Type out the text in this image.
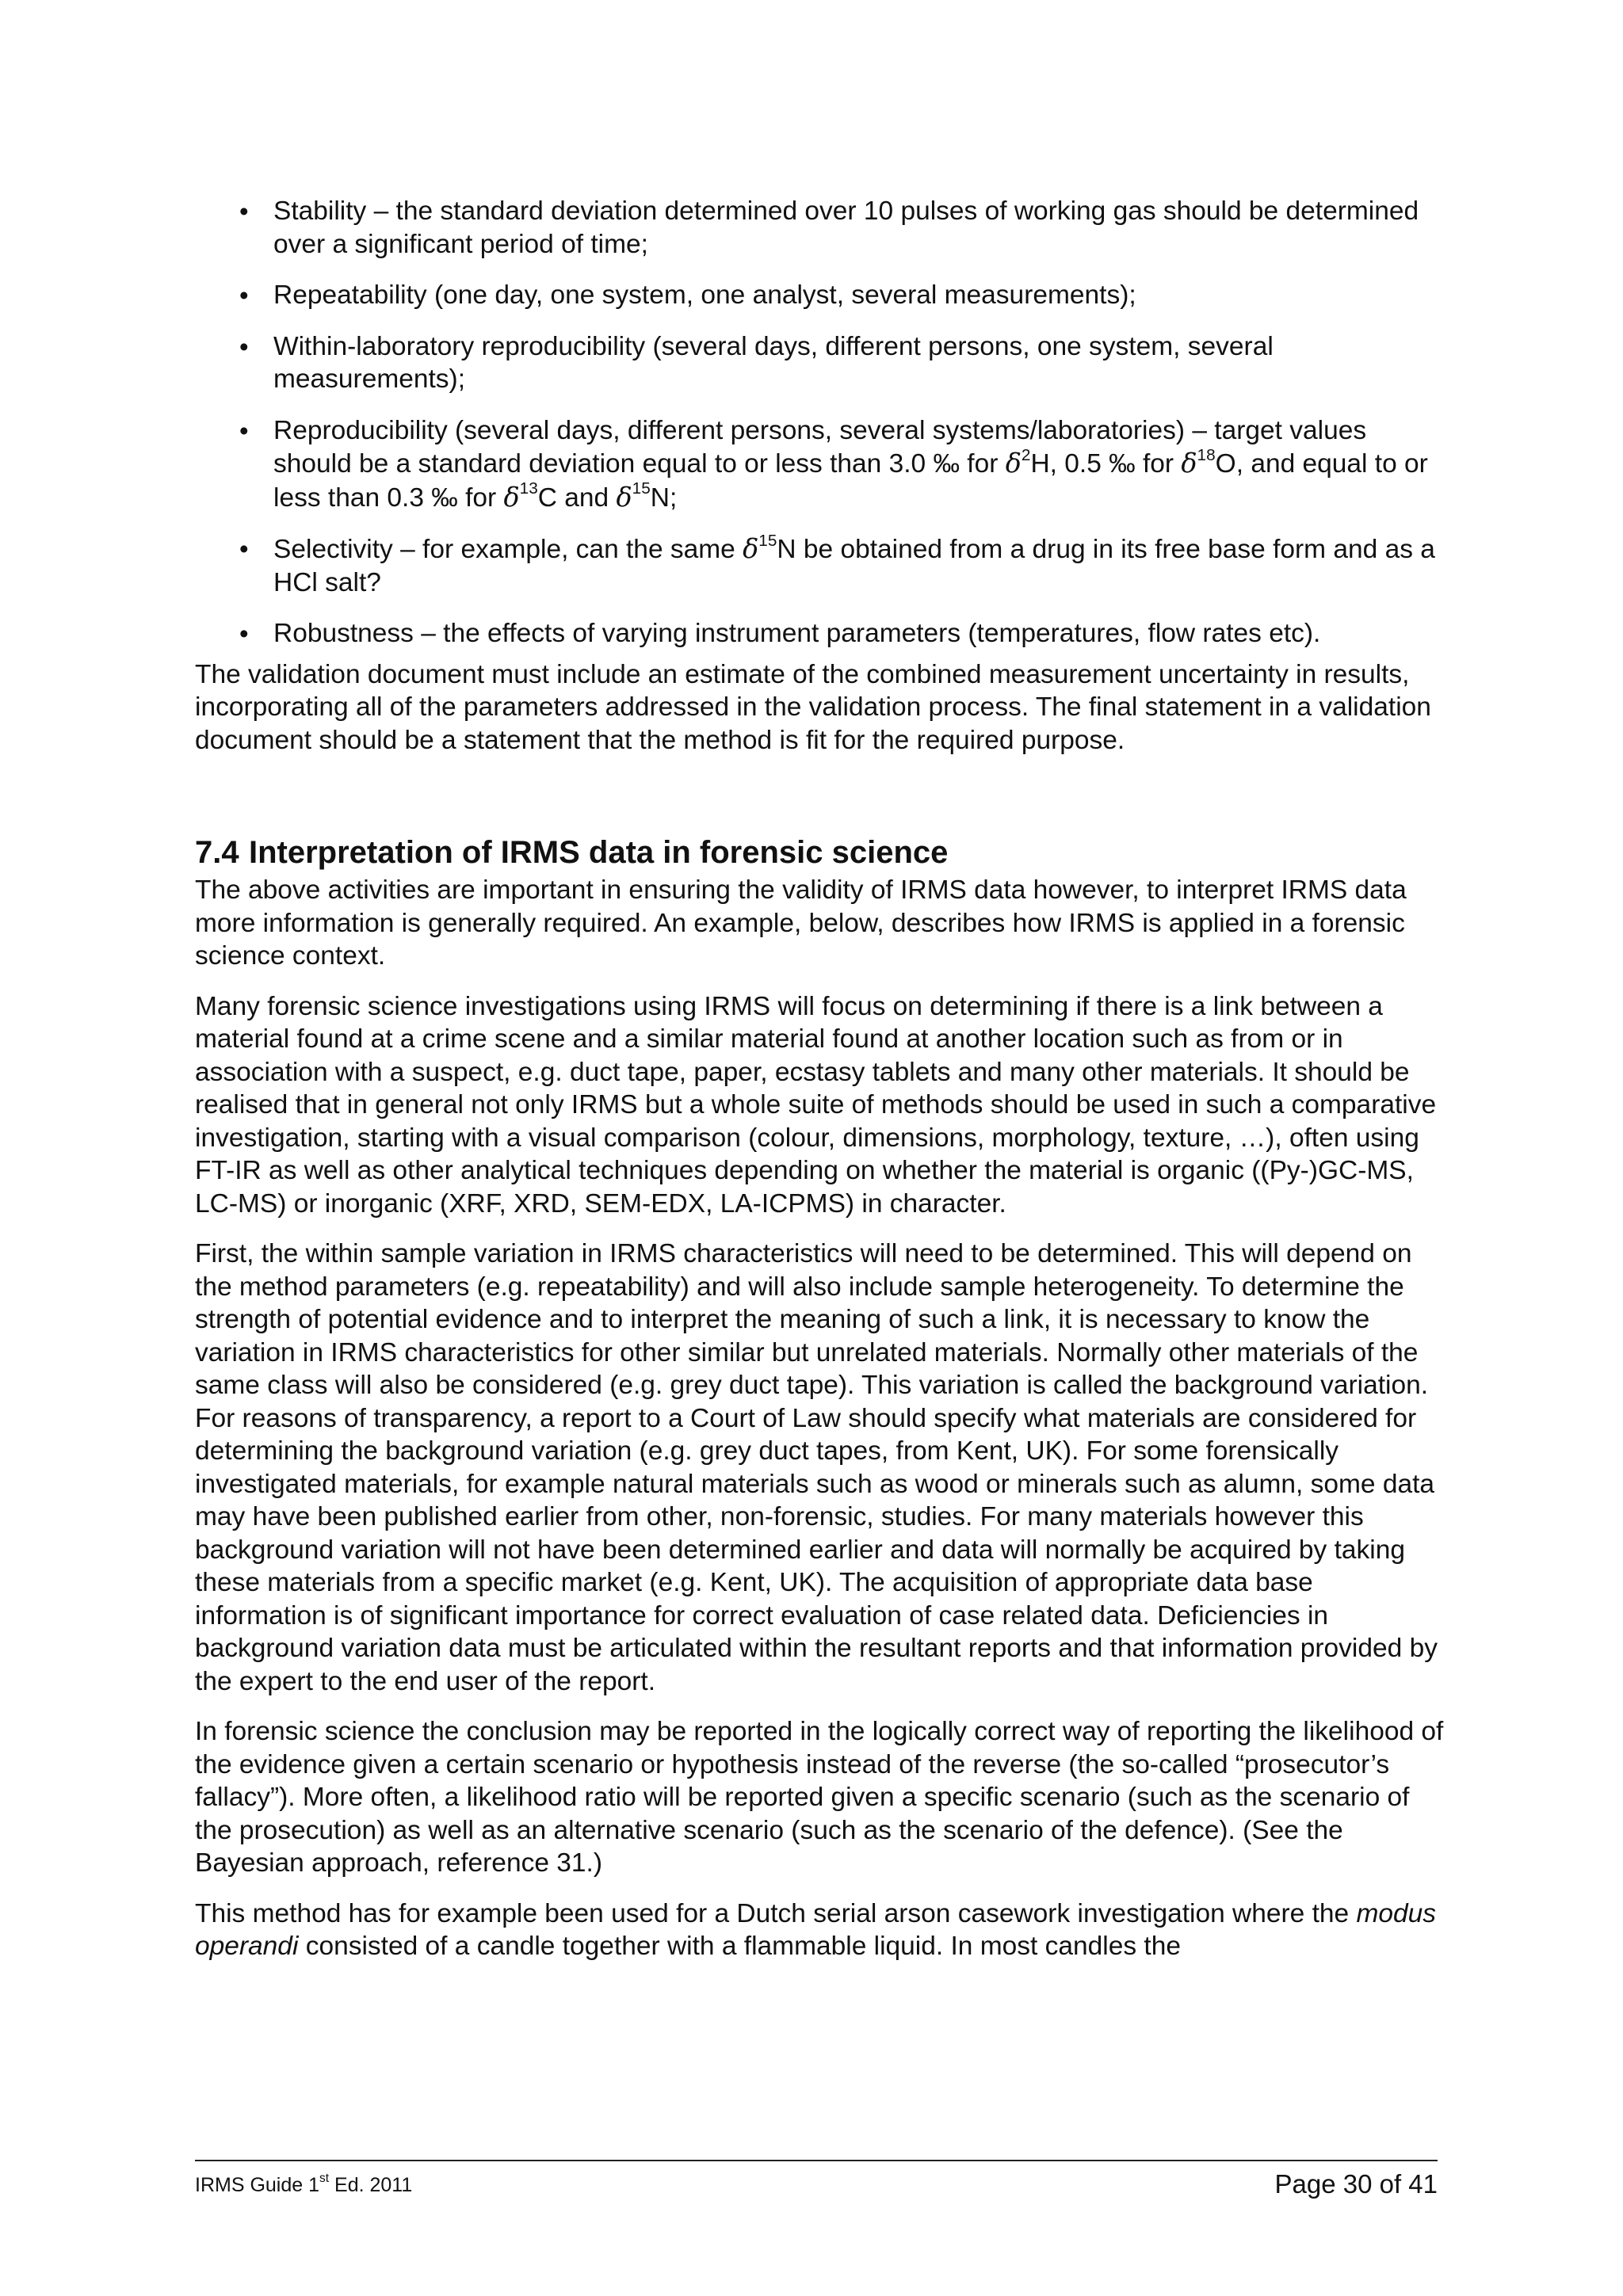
• Stability – the standard deviation determined over 10 pulses of working gas should be determined over a significant period of time;
• Repeatability (one day, one system, one analyst, several measurements);
• Within-laboratory reproducibility (several days, different persons, one system, several measurements);
• Reproducibility (several days, different persons, several systems/laboratories) – target values should be a standard deviation equal to or less than 3.0 ‰ for $\delta^2H$, 0.5 ‰ for $\delta^{18}O$, and equal to or less than 0.3 ‰ for $\delta^{13}C$ and $\delta^{15}N$;
• Selectivity – for example, can the same $\delta^{15}N$ be obtained from a drug in its free base form and as a HCl salt?
• Robustness – the effects of varying instrument parameters (temperatures, flow rates etc).

The validation document must include an estimate of the combined measurement uncertainty in results, incorporating all of the parameters addressed in the validation process. The final statement in a validation document should be a statement that the method is fit for the required purpose.

7.4 Interpretation of IRMS data in forensic science

The above activities are important in ensuring the validity of IRMS data however, to interpret IRMS data more information is generally required. An example, below, describes how IRMS is applied in a forensic science context.

Many forensic science investigations using IRMS will focus on determining if there is a link between a material found at a crime scene and a similar material found at another location such as from or in association with a suspect, e.g. duct tape, paper, ecstasy tablets and many other materials. It should be realised that in general not only IRMS but a whole suite of methods should be used in such a comparative investigation, starting with a visual comparison (colour, dimensions, morphology, texture, …), often using FT-IR as well as other analytical techniques depending on whether the material is organic ((Py-)GC-MS, LC-MS) or inorganic (XRF, XRD, SEM-EDX, LA-ICPMS) in character.

First, the within sample variation in IRMS characteristics will need to be determined. This will depend on the method parameters (e.g. repeatability) and will also include sample heterogeneity. To determine the strength of potential evidence and to interpret the meaning of such a link, it is necessary to know the variation in IRMS characteristics for other similar but unrelated materials. Normally other materials of the same class will also be considered (e.g. grey duct tape). This variation is called the background variation. For reasons of transparency, a report to a Court of Law should specify what materials are considered for determining the background variation (e.g. grey duct tapes, from Kent, UK). For some forensically investigated materials, for example natural materials such as wood or minerals such as alumn, some data may have been published earlier from other, non-forensic, studies. For many materials however this background variation will not have been determined earlier and data will normally be acquired by taking these materials from a specific market (e.g. Kent, UK). The acquisition of appropriate data base information is of significant importance for correct evaluation of case related data. Deficiencies in background variation data must be articulated within the resultant reports and that information provided by the expert to the end user of the report.

In forensic science the conclusion may be reported in the logically correct way of reporting the likelihood of the evidence given a certain scenario or hypothesis instead of the reverse (the so-called “prosecutor’s fallacy”). More often, a likelihood ratio will be reported given a specific scenario (such as the scenario of the prosecution) as well as an alternative scenario (such as the scenario of the defence). (See the Bayesian approach, reference 31.)

This method has for example been used for a Dutch serial arson casework investigation where the modus operandi consisted of a candle together with a flammable liquid. In most candles the

IRMS Guide 1st Ed. 2011	Page 30 of 41
